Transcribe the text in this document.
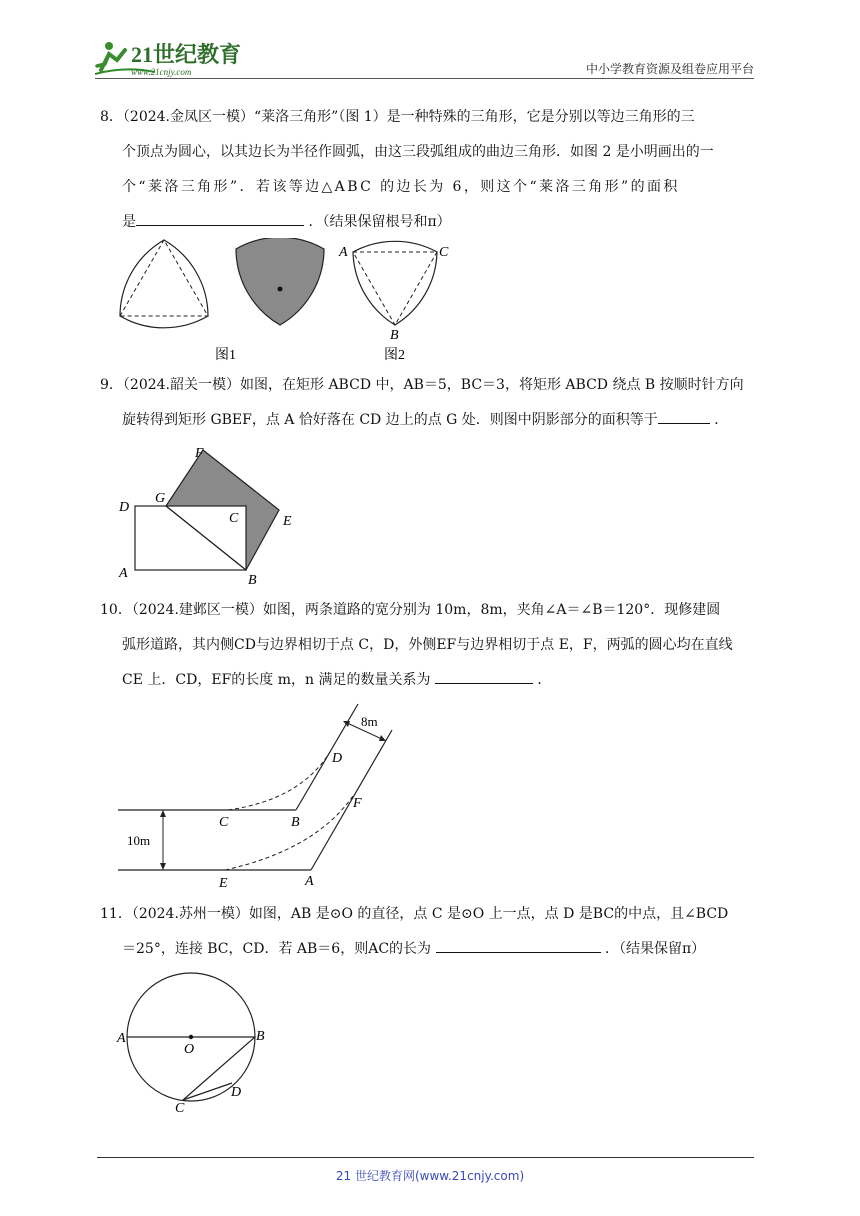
21世纪教育
www.21cnjy.com	中小学教育资源及组卷应用平台

8．（2024.金凤区一模）“莱洛三角形”（图 1）是一种特殊的三角形，它是分别以等边三角形的三

个顶点为圆心，以其边长为半径作圆弧，由这三段弧组成的曲边三角形．如图 2 是小明画出的一

个“莱洛三角形”．若该等边△ABC 的边长为 6，则这个“莱洛三角形”的面积

是	．（结果保留根号和π）

A	C
B
图1	图2

9．（2024.韶关一模）如图，在矩形 ABCD 中，AB＝5，BC＝3，将矩形 ABCD 绕点 B 按顺时针方向

旋转得到矩形 GBEF，点 A 恰好落在 CD 边上的点 G 处．则图中阴影部分的面积等于	．

D
G
F
C	E
A	B

10．（2024.建邺区一模）如图，两条道路的宽分别为 10m，8m，夹角∠A＝∠B＝120°．现修建圆

弧形道路，其内侧CD与边界相切于点 C，D，外侧EF与边界相切于点 E，F，两弧的圆心均在直线

CE 上．CD，EF的长度 m，n 满足的数量关系为	．

8m
10m
D
F
C	B
E	A

11．（2024.苏州一模）如图，AB 是⊙O 的直径，点 C 是⊙O 上一点，点 D 是BC的中点，且∠BCD

＝25°，连接 BC，CD．若 AB＝6，则AC的长为	．（结果保留π）

A	B
O
D
C
21 世纪教育网(www.21cnjy.com)
